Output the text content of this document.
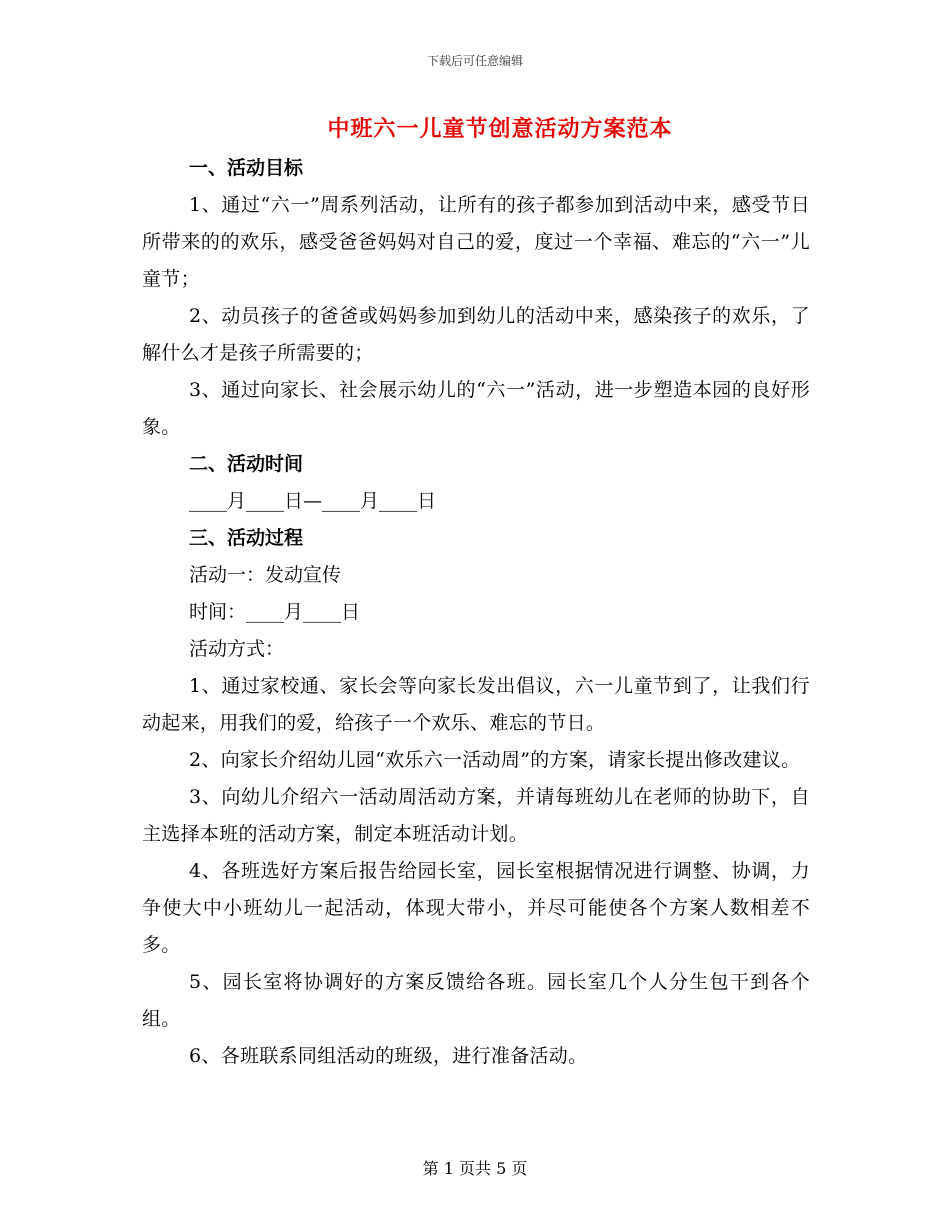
下载后可任意编辑
中班六一儿童节创意活动方案范本

一、活动目标

1、通过“六一”周系列活动，让所有的孩子都参加到活动中来，感受节日所带来的的欢乐，感受爸爸妈妈对自己的爱，度过一个幸福、难忘的“六一”儿童节；

2、动员孩子的爸爸或妈妈参加到幼儿的活动中来，感染孩子的欢乐，了解什么才是孩子所需要的；

3、通过向家长、社会展示幼儿的“六一”活动，进一步塑造本园的良好形象。

二、活动时间

____月____日—____月____日

三、活动过程

活动一：发动宣传

时间：____月____日

活动方式：

1、通过家校通、家长会等向家长发出倡议，六一儿童节到了，让我们行动起来，用我们的爱，给孩子一个欢乐、难忘的节日。

2、向家长介绍幼儿园“欢乐六一活动周”的方案，请家长提出修改建议。

3、向幼儿介绍六一活动周活动方案，并请每班幼儿在老师的协助下，自主选择本班的活动方案，制定本班活动计划。

4、各班选好方案后报告给园长室，园长室根据情况进行调整、协调，力争使大中小班幼儿一起活动，体现大带小，并尽可能使各个方案人数相差不多。

5、园长室将协调好的方案反馈给各班。园长室几个人分生包干到各个组。

6、各班联系同组活动的班级，进行准备活动。

第 1 页共 5 页
